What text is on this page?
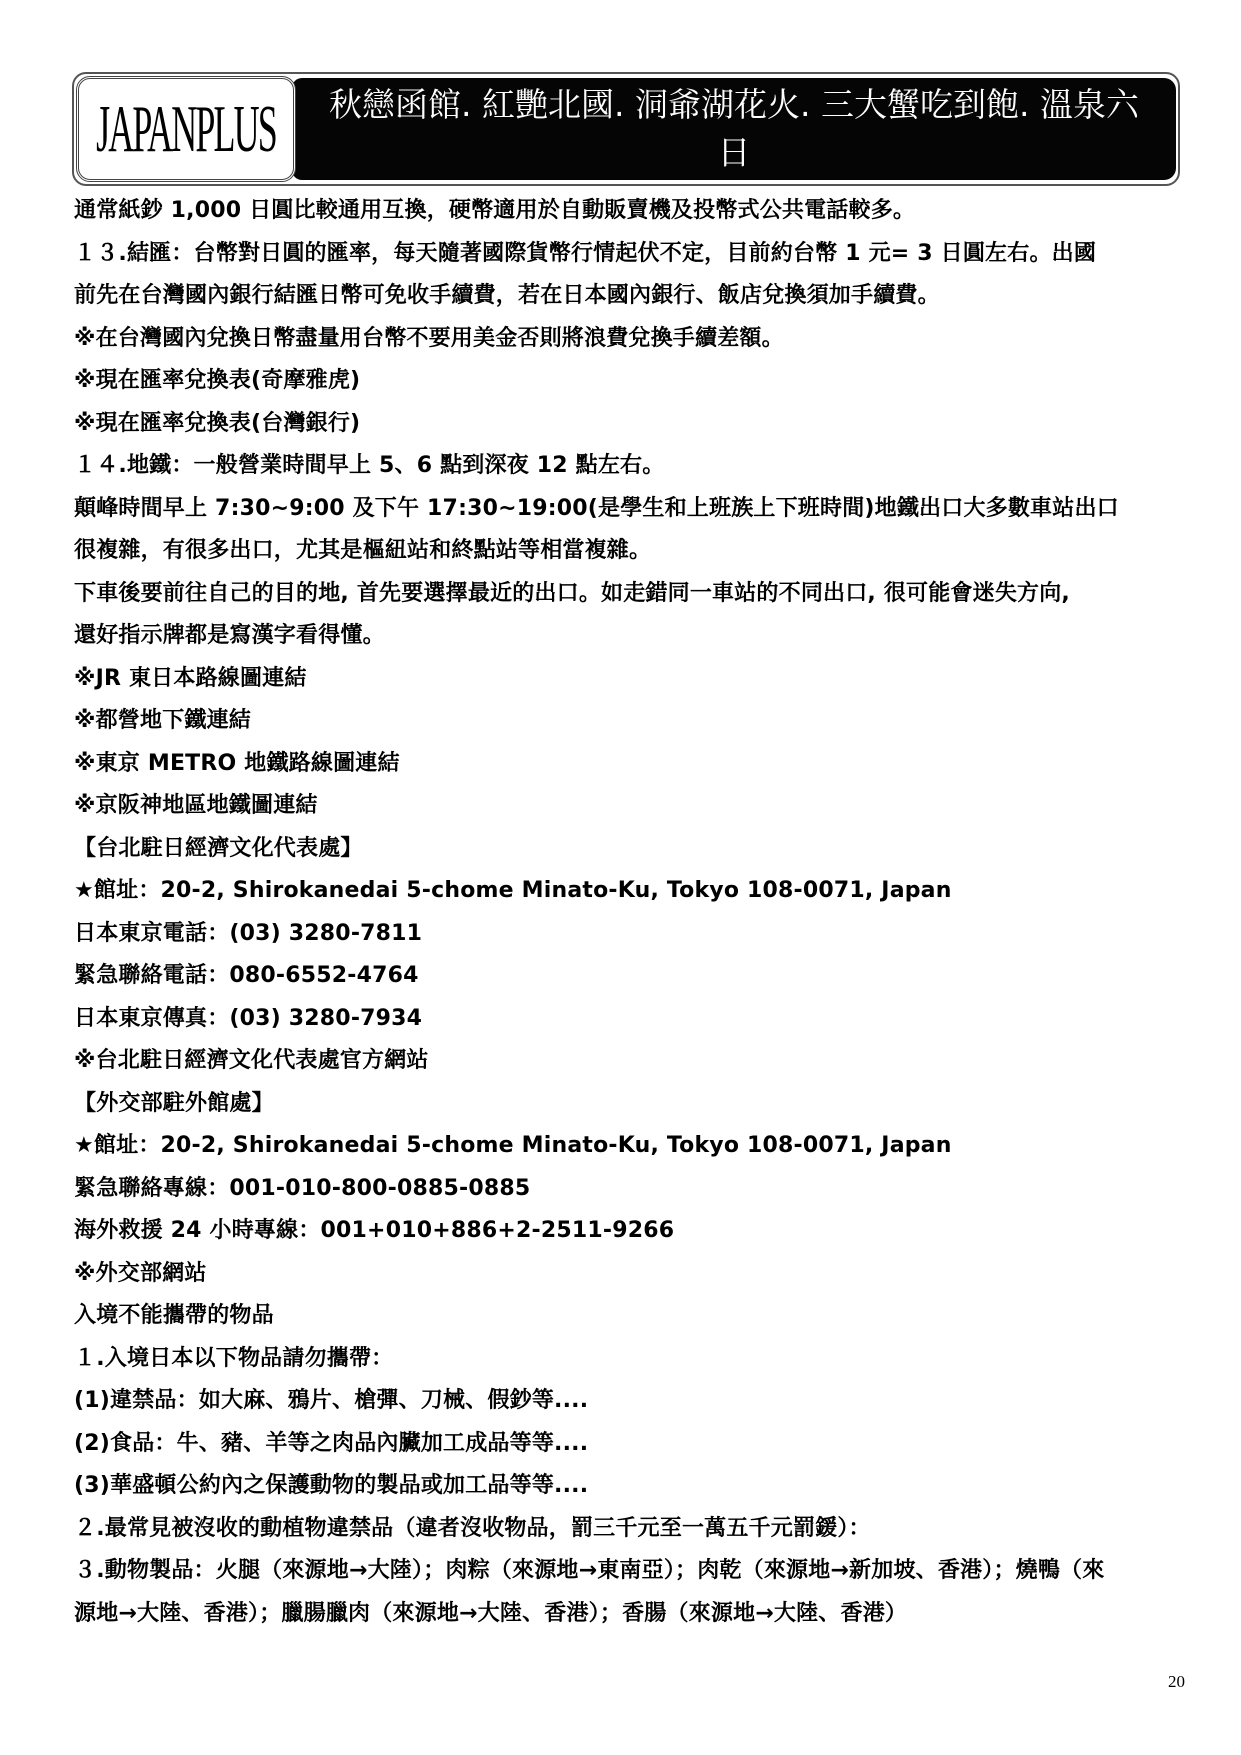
JAPANPLUS 秋戀函館. 紅艷北國. 洞爺湖花火. 三大蟹吃到飽. 溫泉六日
通常紙鈔 1,000 日圓比較通用互換，硬幣適用於自動販賣機及投幣式公共電話較多。
１３.結匯：台幣對日圓的匯率，每天隨著國際貨幣行情起伏不定，目前約台幣 1 元= 3 日圓左右。出國
前先在台灣國內銀行結匯日幣可免收手續費，若在日本國內銀行、飯店兌換須加手續費。
※在台灣國內兌換日幣盡量用台幣不要用美金否則將浪費兌換手續差額。
※現在匯率兌換表(奇摩雅虎)
※現在匯率兌換表(台灣銀行)
１４.地鐵：一般營業時間早上 5、6 點到深夜 12 點左右。
顛峰時間早上 7:30~9:00 及下午 17:30~19:00(是學生和上班族上下班時間)地鐵出口大多數車站出口
很複雜，有很多出口，尤其是樞紐站和終點站等相當複雜。
下車後要前往自己的目的地, 首先要選擇最近的出口。如走錯同一車站的不同出口, 很可能會迷失方向,
還好指示牌都是寫漢字看得懂。
※JR 東日本路線圖連結
※都營地下鐵連結
※東京 METRO 地鐵路線圖連結
※京阪神地區地鐵圖連結
【台北駐日經濟文化代表處】
★館址：20-2, Shirokanedai 5-chome Minato-Ku, Tokyo 108-0071, Japan
日本東京電話：(03) 3280-7811
緊急聯絡電話：080-6552-4764
日本東京傳真：(03) 3280-7934
※台北駐日經濟文化代表處官方網站
【外交部駐外館處】
★館址：20-2, Shirokanedai 5-chome Minato-Ku, Tokyo 108-0071, Japan
緊急聯絡專線：001-010-800-0885-0885
海外救援 24 小時專線：001+010+886+2-2511-9266
※外交部網站
入境不能攜帶的物品
１.入境日本以下物品請勿攜帶：
(1)違禁品：如大麻、鴉片、槍彈、刀械、假鈔等....
(2)食品：牛、豬、羊等之肉品內臟加工成品等等....
(3)華盛頓公約內之保護動物的製品或加工品等等....
２.最常見被沒收的動植物違禁品（違者沒收物品，罰三千元至一萬五千元罰鍰）：
３.動物製品：火腿（來源地→大陸）；肉粽（來源地→東南亞）；肉乾（來源地→新加坡、香港）；燒鴨（來
源地→大陸、香港）；臘腸臘肉（來源地→大陸、香港）；香腸（來源地→大陸、香港）
20
